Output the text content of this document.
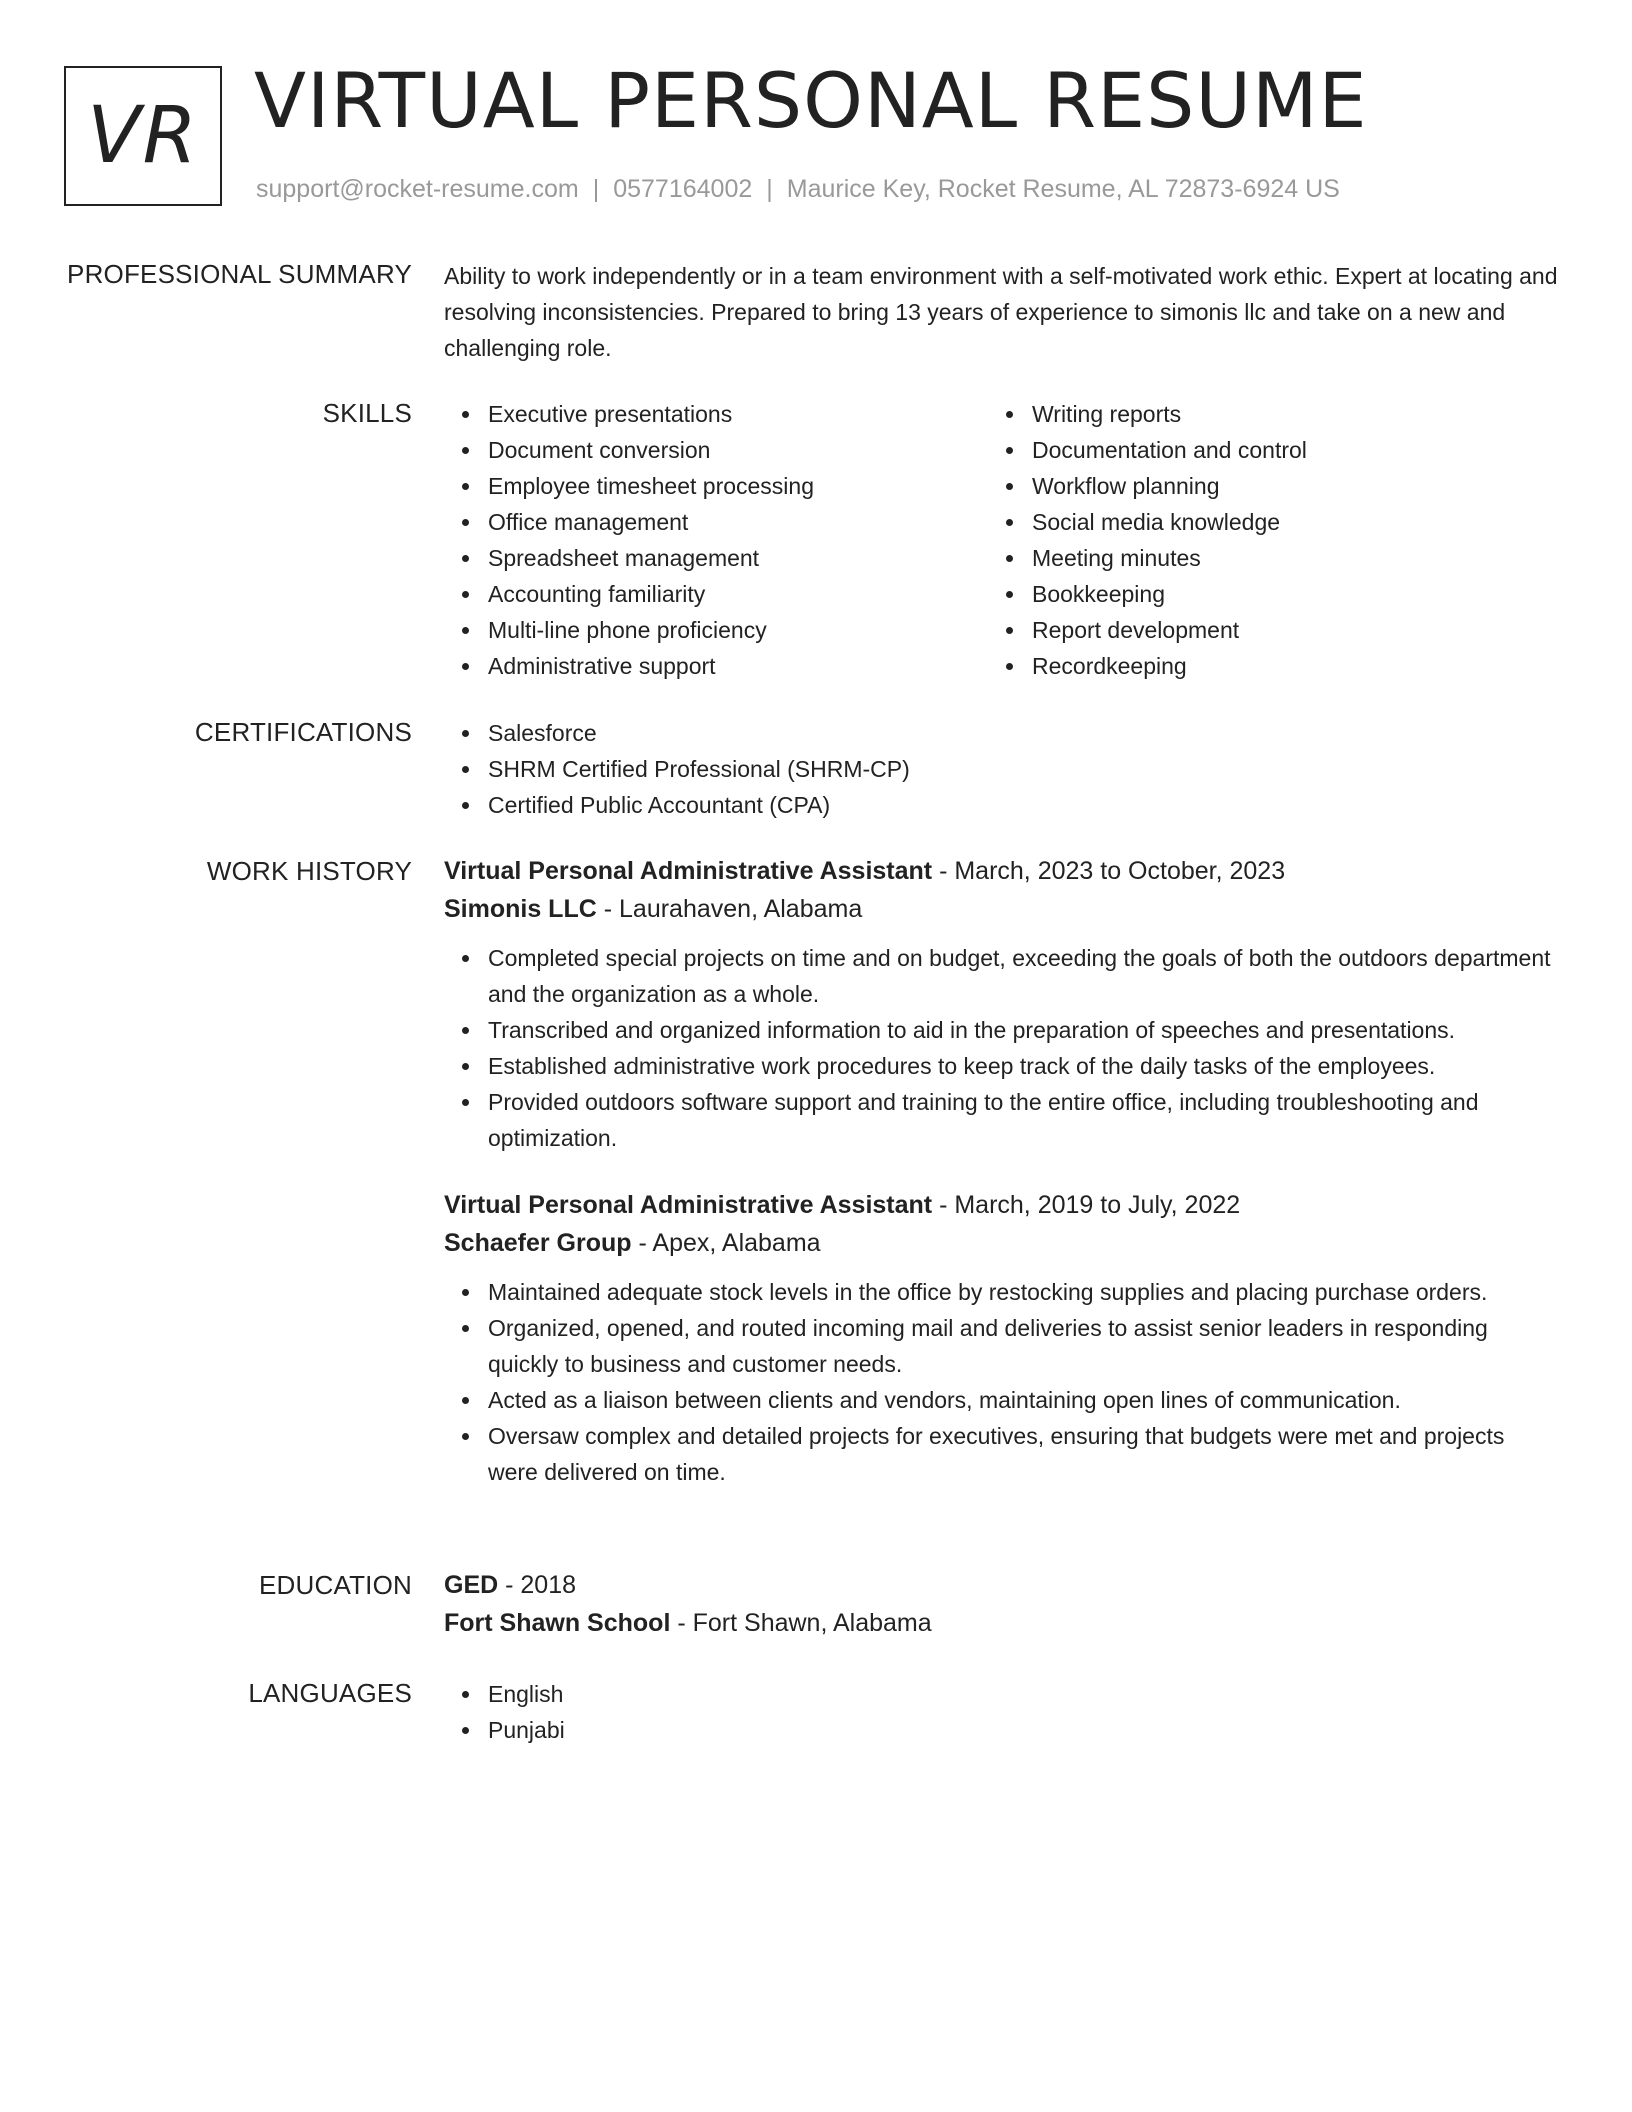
VR VIRTUAL PERSONAL RESUME
support@rocket-resume.com | 0577164002 | Maurice Key, Rocket Resume, AL 72873-6924 US
PROFESSIONAL SUMMARY Ability to work independently or in a team environment with a self-motivated work ethic. Expert at locating and resolving inconsistencies. Prepared to bring 13 years of experience to simonis llc and take on a new and challenging role.

SKILLS	Executive presentations
Document conversion
Employee timesheet processing
Office management
Spreadsheet management
Accounting familiarity
Multi-line phone proficiency
Administrative support
Writing reports
Documentation and control
Workflow planning
Social media knowledge
Meeting minutes
Bookkeeping
Report development
Recordkeeping
CERTIFICATIONS	Salesforce
SHRM Certified Professional (SHRM-CP)
Certified Public Accountant (CPA)
WORK HISTORY Virtual Personal Administrative Assistant - March, 2023 to October, 2023
Simonis LLC - Laurahaven, Alabama
Completed special projects on time and on budget, exceeding the goals of both the outdoors department and the organization as a whole.
Transcribed and organized information to aid in the preparation of speeches and presentations.
Established administrative work procedures to keep track of the daily tasks of the employees.
Provided outdoors software support and training to the entire office, including troubleshooting and optimization.
Virtual Personal Administrative Assistant - March, 2019 to July, 2022
Schaefer Group - Apex, Alabama
Maintained adequate stock levels in the office by restocking supplies and placing purchase orders.
Organized, opened, and routed incoming mail and deliveries to assist senior leaders in responding quickly to business and customer needs.
Acted as a liaison between clients and vendors, maintaining open lines of communication.
Oversaw complex and detailed projects for executives, ensuring that budgets were met and projects were delivered on time.
EDUCATION GED - 2018
Fort Shawn School - Fort Shawn, Alabama
LANGUAGES	English
Punjabi
